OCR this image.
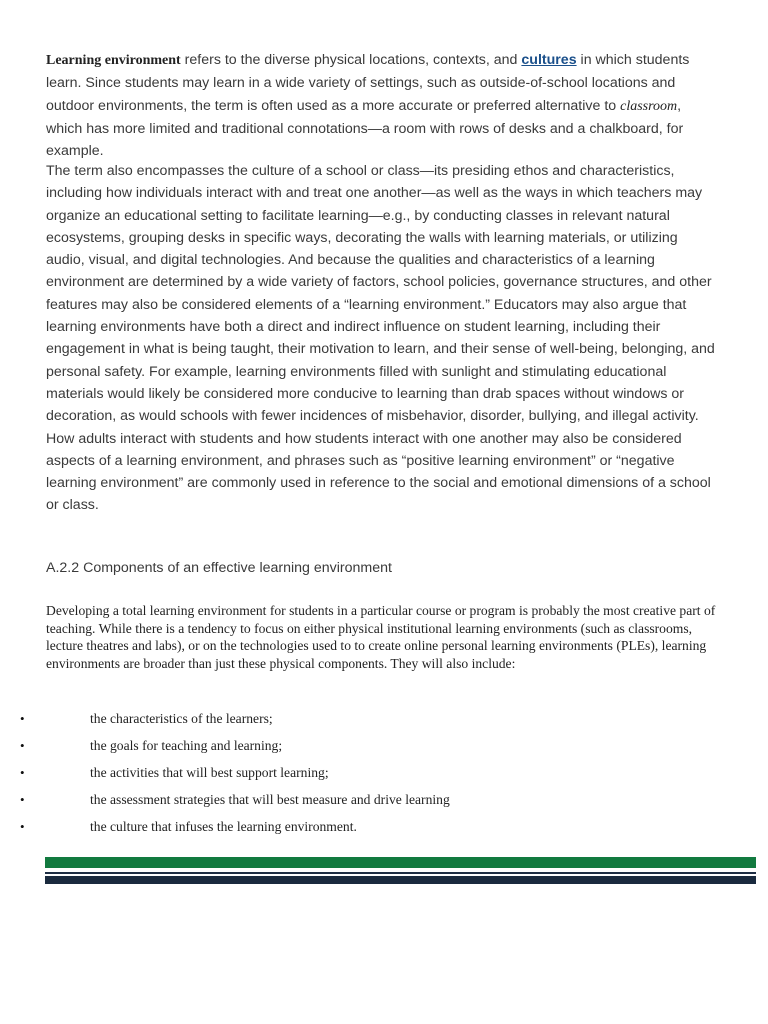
Learning environment refers to the diverse physical locations, contexts, and cultures in which students learn. Since students may learn in a wide variety of settings, such as outside-of-school locations and outdoor environments, the term is often used as a more accurate or preferred alternative to classroom, which has more limited and traditional connotations—a room with rows of desks and a chalkboard, for example.

The term also encompasses the culture of a school or class—its presiding ethos and characteristics, including how individuals interact with and treat one another—as well as the ways in which teachers may organize an educational setting to facilitate learning—e.g., by conducting classes in relevant natural ecosystems, grouping desks in specific ways, decorating the walls with learning materials, or utilizing audio, visual, and digital technologies. And because the qualities and characteristics of a learning environment are determined by a wide variety of factors, school policies, governance structures, and other features may also be considered elements of a “learning environment.” Educators may also argue that learning environments have both a direct and indirect influence on student learning, including their engagement in what is being taught, their motivation to learn, and their sense of well-being, belonging, and personal safety. For example, learning environments filled with sunlight and stimulating educational materials would likely be considered more conducive to learning than drab spaces without windows or decoration, as would schools with fewer incidences of misbehavior, disorder, bullying, and illegal activity. How adults interact with students and how students interact with one another may also be considered aspects of a learning environment, and phrases such as “positive learning environment” or “negative learning environment” are commonly used in reference to the social and emotional dimensions of a school or class.

A.2.2 Components of an effective learning environment

Developing a total learning environment for students in a particular course or program is probably the most creative part of teaching. While there is a tendency to focus on either physical institutional learning environments (such as classrooms, lecture theatres and labs), or on the technologies used to to create online personal learning environments (PLEs), learning environments are broader than just these physical components. They will also include:

•	the characteristics of the learners;
•	the goals for teaching and learning;
•	the activities that will best support learning;
•	the assessment strategies that will best measure and drive learning
•	the culture that infuses the learning environment.
